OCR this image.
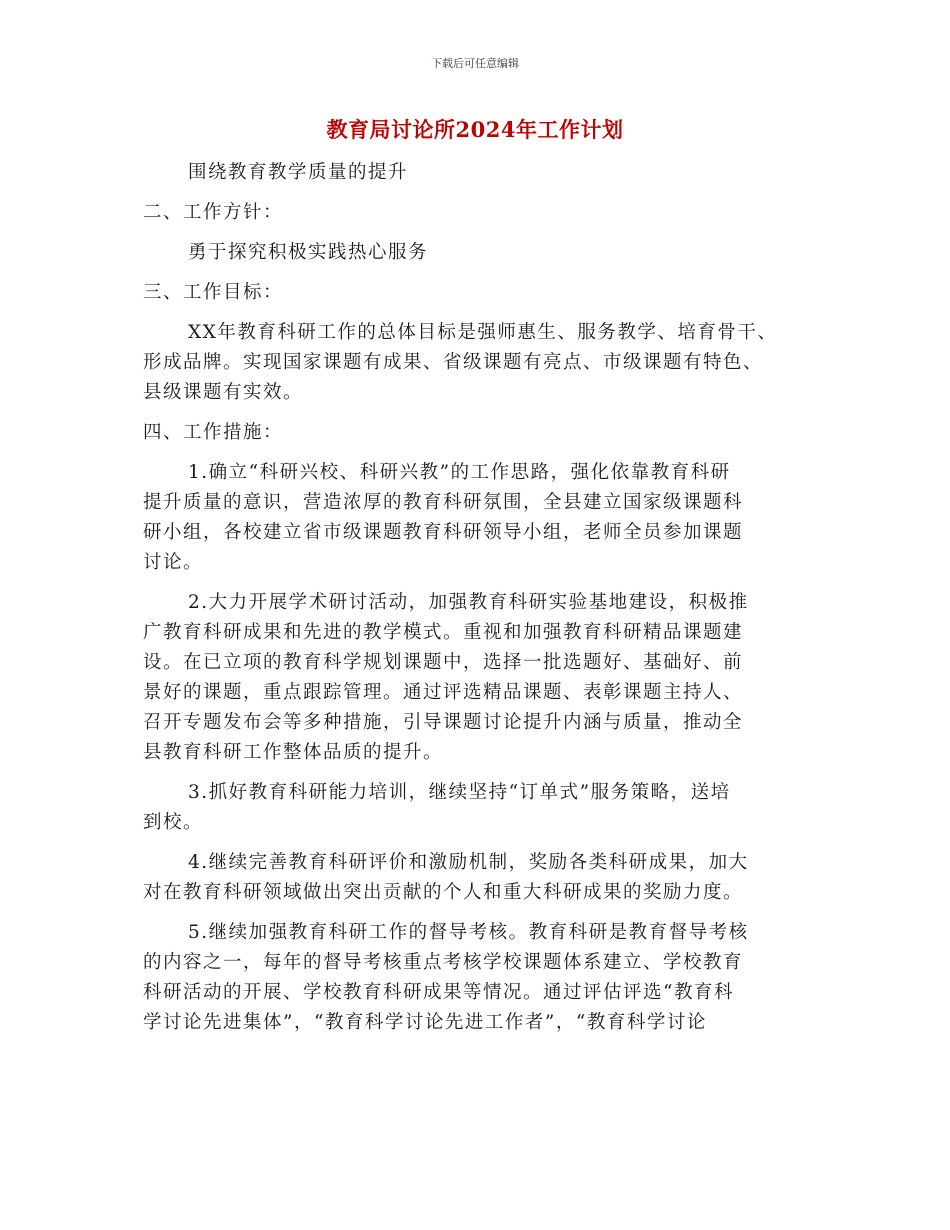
下载后可任意编辑
教育局讨论所2024年工作计划
围绕教育教学质量的提升
二、工作方针：
勇于探究积极实践热心服务
三、工作目标：
XX年教育科研工作的总体目标是强师惠生、服务教学、培育骨干、
形成品牌。实现国家课题有成果、省级课题有亮点、市级课题有特色、
县级课题有实效。
四、工作措施：
1.确立“科研兴校、科研兴教”的工作思路，强化依靠教育科研
提升质量的意识，营造浓厚的教育科研氛围，全县建立国家级课题科
研小组，各校建立省市级课题教育科研领导小组，老师全员参加课题
讨论。
2.大力开展学术研讨活动，加强教育科研实验基地建设，积极推
广教育科研成果和先进的教学模式。重视和加强教育科研精品课题建
设。在已立项的教育科学规划课题中，选择一批选题好、基础好、前
景好的课题，重点跟踪管理。通过评选精品课题、表彰课题主持人、
召开专题发布会等多种措施，引导课题讨论提升内涵与质量，推动全
县教育科研工作整体品质的提升。
3.抓好教育科研能力培训，继续坚持“订单式”服务策略，送培
到校。
4.继续完善教育科研评价和激励机制，奖励各类科研成果，加大
对在教育科研领域做出突出贡献的个人和重大科研成果的奖励力度。
5.继续加强教育科研工作的督导考核。教育科研是教育督导考核
的内容之一，每年的督导考核重点考核学校课题体系建立、学校教育
科研活动的开展、学校教育科研成果等情况。通过评估评选“教育科
学讨论先进集体”，“教育科学讨论先进工作者”，“教育科学讨论
